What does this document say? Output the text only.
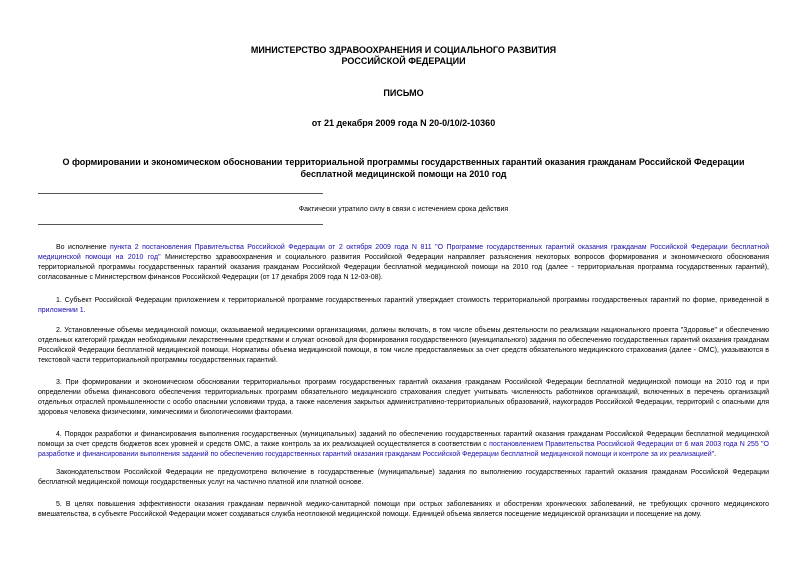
МИНИСТЕРСТВО ЗДРАВООХРАНЕНИЯ И СОЦИАЛЬНОГО РАЗВИТИЯ
РОССИЙСКОЙ ФЕДЕРАЦИИ
ПИСЬМО
от 21 декабря 2009 года N 20-0/10/2-10360
О формировании и экономическом обосновании территориальной программы государственных гарантий оказания гражданам Российской Федерации бесплатной медицинской помощи на 2010 год
Фактически утратило силу в связи с истечением срока действия

Во исполнение пункта 2 постановления Правительства Российской Федерации от 2 октября 2009 года N 811 "О Программе государственных гарантий оказания гражданам Российской Федерации бесплатной медицинской помощи на 2010 год" Министерство здравоохранения и социального развития Российской Федерации направляет разъяснения некоторых вопросов формирования и экономического обоснования территориальной программы государственных гарантий оказания гражданам Российской Федерации бесплатной медицинской помощи на 2010 год (далее - территориальная программа государственных гарантий), согласованные с Министерством финансов Российской Федерации (от 17 декабря 2009 года N 12-03-08).

1. Субъект Российской Федерации приложением к территориальной программе государственных гарантий утверждает стоимость территориальной программы государственных гарантий по форме, приведенной в приложении 1.

2. Установленные объемы медицинской помощи, оказываемой медицинскими организациями, должны включать, в том числе объемы деятельности по реализации национального проекта "Здоровье" и обеспечению отдельных категорий граждан необходимыми лекарственными средствами и служат основой для формирования государственного (муниципального) задания по обеспечению государственных гарантий оказания гражданам Российской Федерации бесплатной медицинской помощи. Нормативы объема медицинской помощи, в том числе предоставляемых за счет средств обязательного медицинского страхования (далее - ОМС), указываются в текстовой части территориальной программы государственных гарантий.

3. При формировании и экономическом обосновании территориальных программ государственных гарантий оказания гражданам Российской Федерации бесплатной медицинской помощи на 2010 год и при определении объема финансового обеспечения территориальных программ обязательного медицинского страхования следует учитывать численность работников организаций, включенных в перечень организаций отдельных отраслей промышленности с особо опасными условиями труда, а также населения закрытых административно-территориальных образований, наукоградов Российской Федерации, территорий с опасными для здоровья человека физическими, химическими и биологическими факторами.

4. Порядок разработки и финансирования выполнения государственных (муниципальных) заданий по обеспечению государственных гарантий оказания гражданам Российской Федерации бесплатной медицинской помощи за счет средств бюджетов всех уровней и средств ОМС, а также контроль за их реализацией осуществляется в соответствии с постановлением Правительства Российской Федерации от 6 мая 2003 года N 255 "О разработке и финансировании выполнения заданий по обеспечению государственных гарантий оказания гражданам Российской Федерации бесплатной медицинской помощи и контроле за их реализацией".

Законодательством Российской Федерации не предусмотрено включение в государственные (муниципальные) задания по выполнению государственных гарантий оказания гражданам Российской Федерации бесплатной медицинской помощи государственных услуг на частично платной или платной основе.

5. В целях повышения эффективности оказания гражданам первичной медико-санитарной помощи при острых заболеваниях и обострении хронических заболеваний, не требующих срочного медицинского вмешательства, в субъекте Российской Федерации может создаваться служба неотложной медицинской помощи. Единицей объема является посещение медицинской организации и посещение на дому.
